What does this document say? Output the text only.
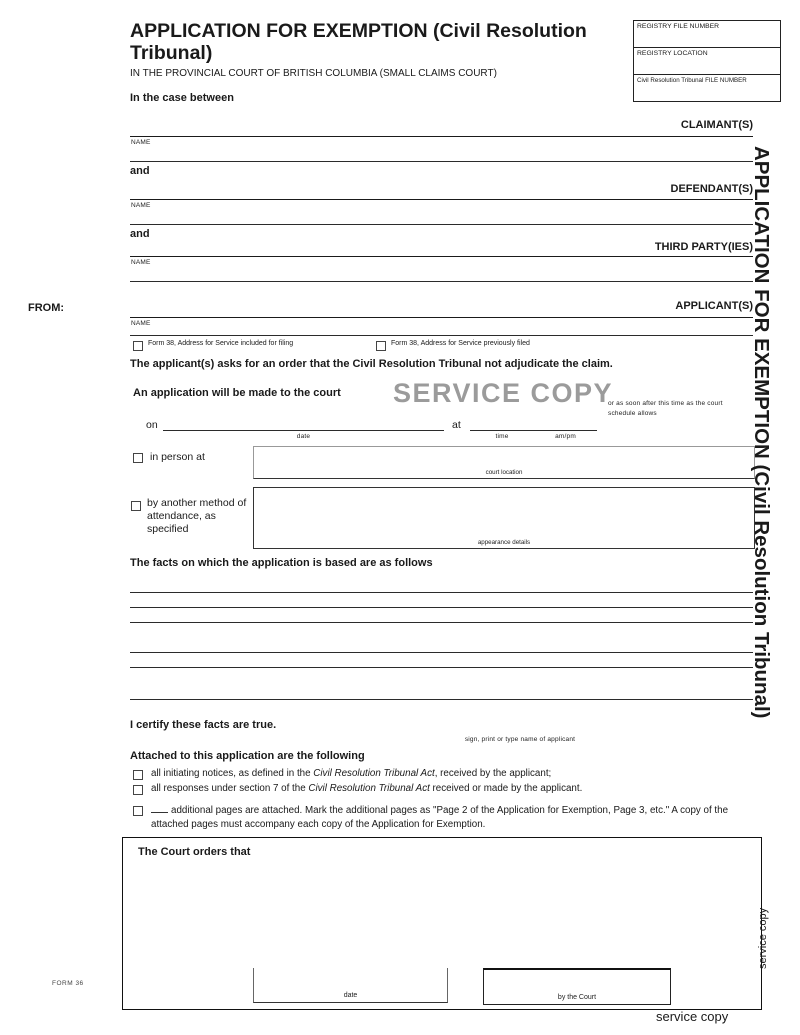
APPLICATION FOR EXEMPTION (Civil Resolution Tribunal)
IN THE PROVINCIAL COURT OF BRITISH COLUMBIA (SMALL CLAIMS COURT)
In the case between
REGISTRY FILE NUMBER
REGISTRY LOCATION
Civil Resolution Tribunal FILE NUMBER
CLAIMANT(S)
NAME
and
DEFENDANT(S)
NAME
and
THIRD PARTY(IES)
NAME
FROM:	APPLICANT(S)
NAME
Form 38, Address for Service included for filing	Form 38, Address for Service previously filed
The applicant(s) asks for an order that the Civil Resolution Tribunal not adjudicate the claim.
An application will be made to the court SERVICE COPY
or as soon after this time as the court schedule allows
on
date
at
time	am/pm
in person at
court location
by another method of attendance, as specified
appearance details
The facts on which the application is based are as follows
I certify these facts are true.
sign, print or type name of applicant
Attached to this application are the following
all initiating notices, as defined in the Civil Resolution Tribunal Act, received by the applicant;
all responses under section 7 of the Civil Resolution Tribunal Act received or made by the applicant.
additional pages are attached. Mark the additional pages as "Page 2 of the Application for Exemption, Page 3, etc." A copy of the attached pages must accompany each copy of the Application for Exemption.
The Court orders that
date	by the Court
FORM 36
service copy
APPLICATION FOR EXEMPTION (Civil Resolution Tribunal)
service copy
